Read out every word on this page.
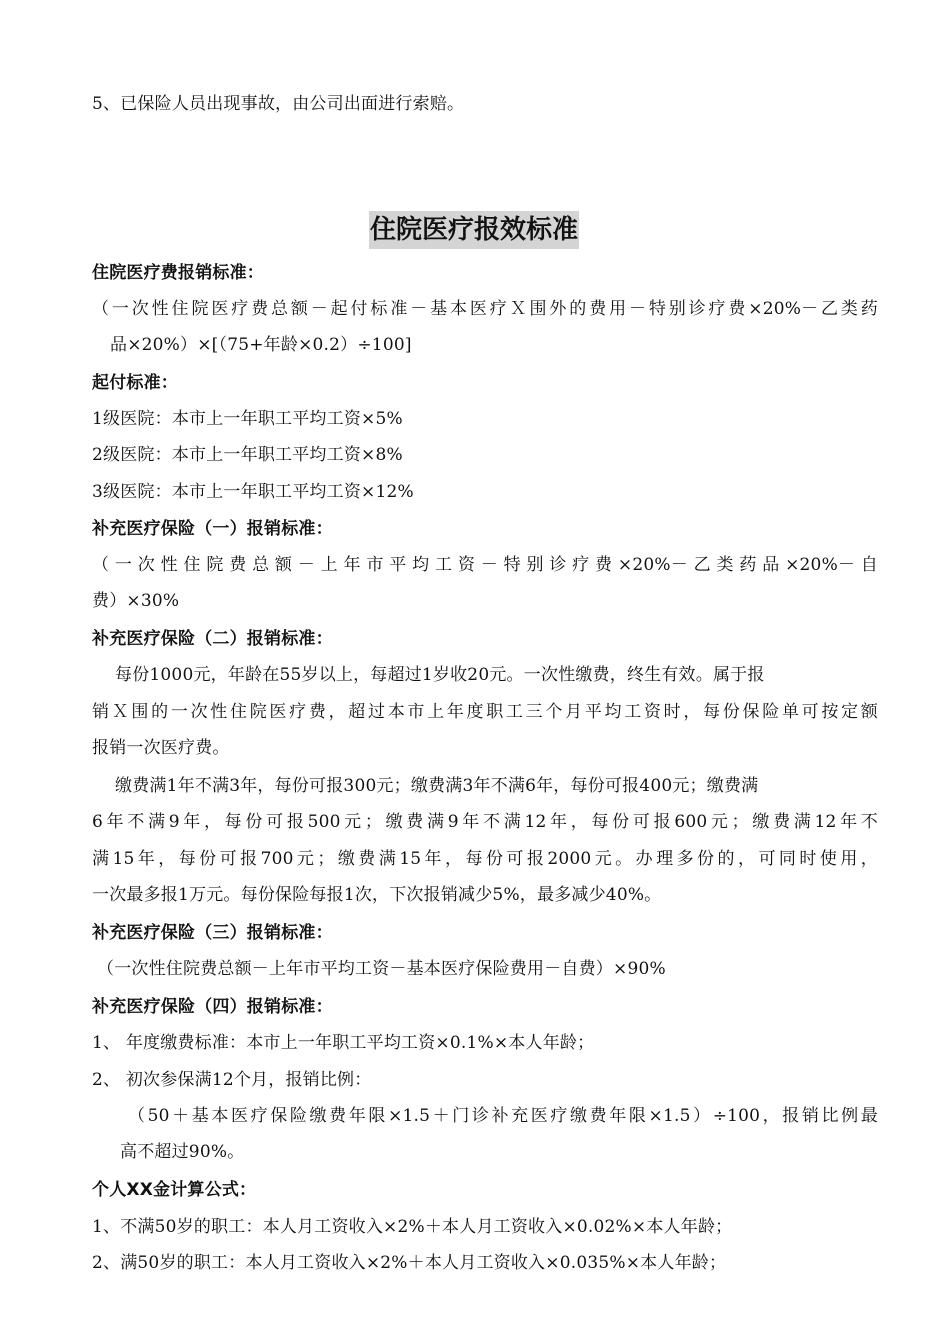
5、已保险人员出现事故，由公司出面进行索赔。
住院医疗报效标准
住院医疗费报销标准：
（一次性住院医疗费总额－起付标准－基本医疗Ｘ围外的费用－特别诊疗费×20%－乙类药
品×20%）×[（75+年龄×0.2）÷100]
起付标准：
1级医院：本市上一年职工平均工资×5%
2级医院：本市上一年职工平均工资×8%
3级医院：本市上一年职工平均工资×12%
补充医疗保险（一）报销标准：
（一次性住院费总额－上年市平均工资－特别诊疗费×20%－乙类药品×20%－自
费）×30%
补充医疗保险（二）报销标准：
每份1000元，年龄在55岁以上，每超过1岁收20元。一次性缴费，终生有效。属于报
销Ｘ围的一次性住院医疗费，超过本市上年度职工三个月平均工资时，每份保险单可按定额
报销一次医疗费。
缴费满1年不满3年，每份可报300元；缴费满3年不满6年，每份可报400元；缴费满
6年不满9年，每份可报500元；缴费满9年不满12年，每份可报600元；缴费满12年不
满15年，每份可报700元；缴费满15年，每份可报2000元。办理多份的，可同时使用，
一次最多报1万元。每份保险每报1次，下次报销减少5%，最多减少40%。
补充医疗保险（三）报销标准：
（一次性住院费总额－上年市平均工资－基本医疗保险费用－自费）×90%
补充医疗保险（四）报销标准：
1、 年度缴费标准：本市上一年职工平均工资×0.1%×本人年龄；
2、 初次参保满12个月，报销比例：
（50＋基本医疗保险缴费年限×1.5＋门诊补充医疗缴费年限×1.5）÷100，报销比例最
高不超过90%。
个人XX金计算公式：
1、不满50岁的职工：本人月工资收入×2%＋本人月工资收入×0.02%×本人年龄；
2、满50岁的职工：本人月工资收入×2%＋本人月工资收入×0.035%×本人年龄；
